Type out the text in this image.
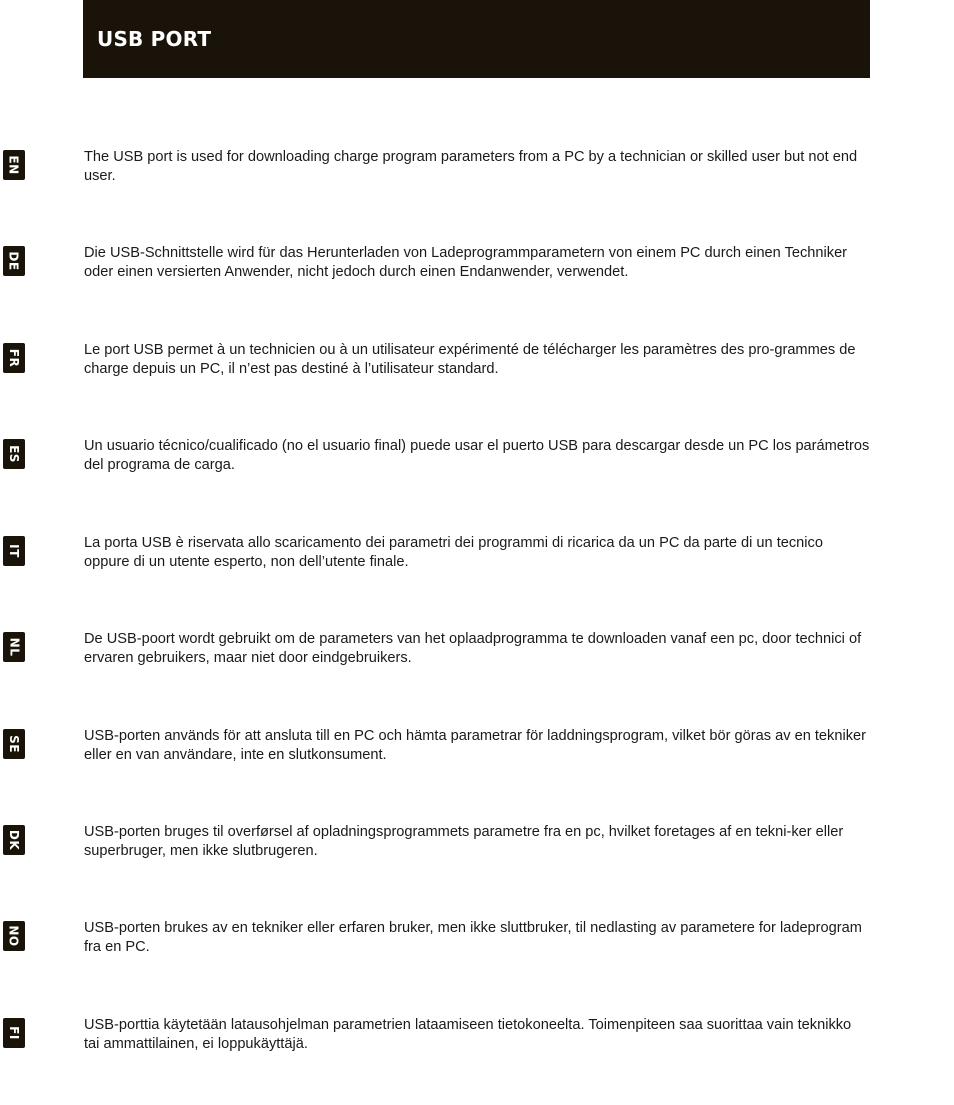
USB PORT
EN	The USB port is used for downloading charge program parameters from a PC by a technician or skilled user but not end user.

DE	Die USB-Schnittstelle wird für das Herunterladen von Ladeprogrammparametern von einem PC durch einen Techniker oder einen versierten Anwender, nicht jedoch durch einen Endanwender, verwendet.

FR	Le port USB permet à un technicien ou à un utilisateur expérimenté de télécharger les paramètres des pro-grammes de charge depuis un PC, il n’est pas destiné à l’utilisateur standard.

ES	Un usuario técnico/cualificado (no el usuario final) puede usar el puerto USB para descargar desde un PC los parámetros del programa de carga.

IT	La porta USB è riservata allo scaricamento dei parametri dei programmi di ricarica da un PC da parte di un tecnico oppure di un utente esperto, non dell’utente finale.

NL	De USB-poort wordt gebruikt om de parameters van het oplaadprogramma te downloaden vanaf een pc, door technici of ervaren gebruikers, maar niet door eindgebruikers.

SE	USB-porten används för att ansluta till en PC och hämta parametrar för laddningsprogram, vilket bör göras av en tekniker eller en van användare, inte en slutkonsument.

DK	USB-porten bruges til overførsel af opladningsprogrammets parametre fra en pc, hvilket foretages af en tekni-ker eller superbruger, men ikke slutbrugeren.

NO	USB-porten brukes av en tekniker eller erfaren bruker, men ikke sluttbruker, til nedlasting av parametere for ladeprogram fra en PC.

FI	USB-porttia käytetään latausohjelman parametrien lataamiseen tietokoneelta. Toimenpiteen saa suorittaa vain teknikko tai ammattilainen, ei loppukäyttäjä.
